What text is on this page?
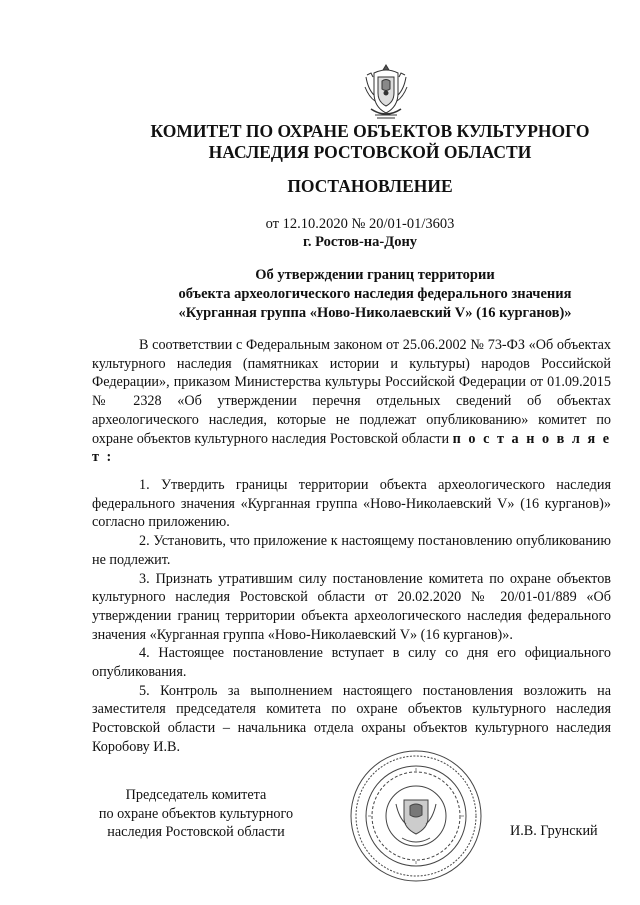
КОМИТЕТ ПО ОХРАНЕ ОБЪЕКТОВ КУЛЬТУРНОГО
НАСЛЕДИЯ РОСТОВСКОЙ ОБЛАСТИ
ПОСТАНОВЛЕНИЕ
от 12.10.2020 № 20/01-01/3603
г. Ростов-на-Дону
Об утверждении границ территории
объекта археологического наследия федерального значения
«Курганная группа «Ново-Николаевский V» (16 курганов)»

В соответствии с Федеральным законом от 25.06.2002 № 73-ФЗ «Об объектах культурного наследия (памятниках истории и культуры) народов Российской Федерации», приказом Министерства культуры Российской Федерации от 01.09.2015 № 2328 «Об утверждении перечня отдельных сведений об объектах археологического наследия, которые не подлежат опубликованию» комитет по охране объектов культурного наследия Ростовской области п о с т а н о в л я е т :

1. Утвердить границы территории объекта археологического наследия федерального значения «Курганная группа «Ново-Николаевский V» (16 курганов)» согласно приложению.

2. Установить, что приложение к настоящему постановлению опубликованию не подлежит.

3. Признать утратившим силу постановление комитета по охране объектов культурного наследия Ростовской области от 20.02.2020 № 20/01-01/889 «Об утверждении границ территории объекта археологического наследия федерального значения «Курганная группа «Ново-Николаевский V» (16 курганов)».

4. Настоящее постановление вступает в силу со дня его официального опубликования.

5. Контроль за выполнением настоящего постановления возложить на заместителя председателя комитета по охране объектов культурного наследия Ростовской области – начальника отдела охраны объектов культурного наследия Коробову И.В.

Председатель комитета
по охране объектов культурного
наследия Ростовской области	И.В. Грунский
